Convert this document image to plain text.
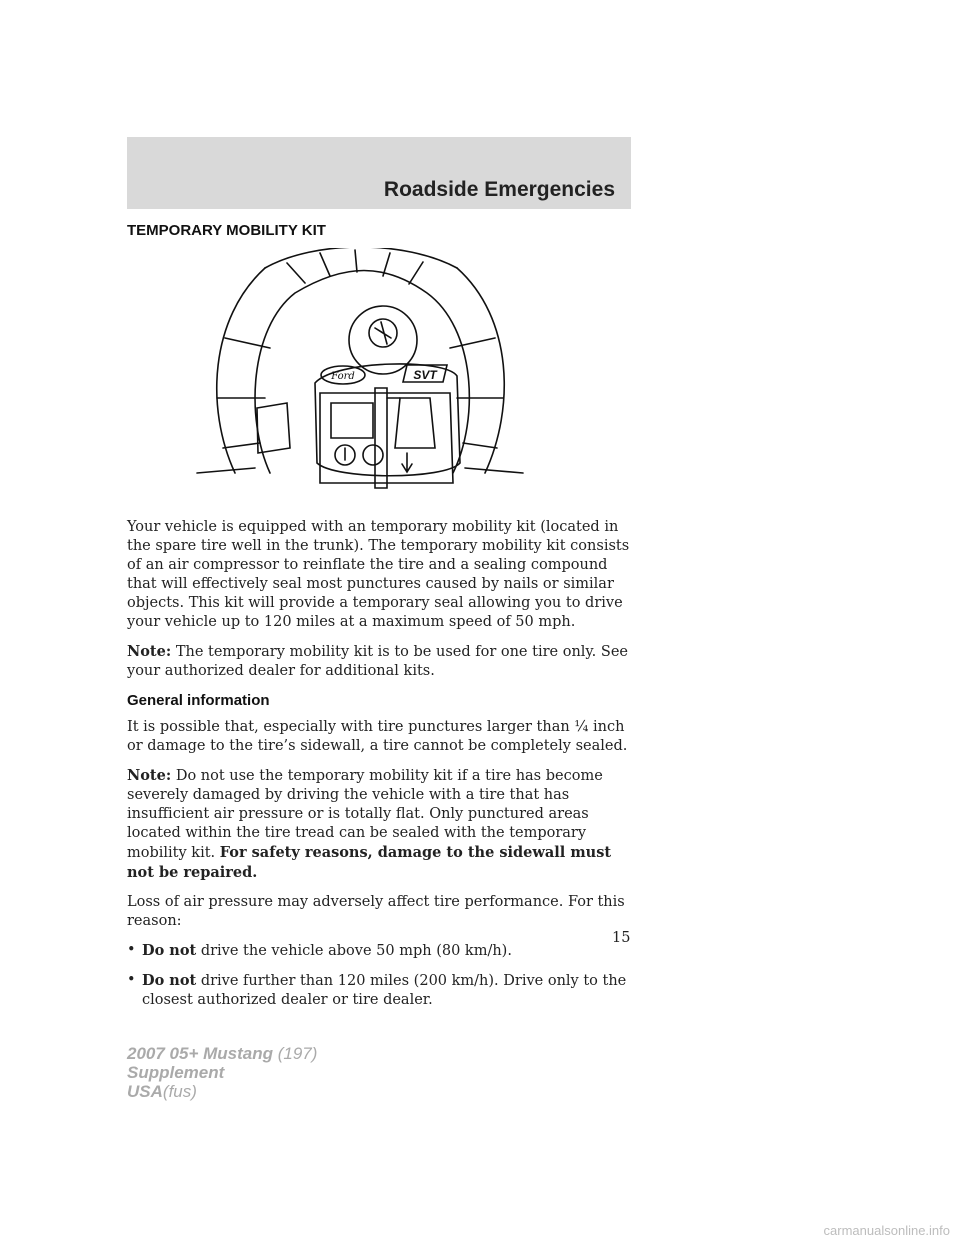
Roadside Emergencies
TEMPORARY MOBILITY KIT
Ford	SVT

Your vehicle is equipped with an temporary mobility kit (located in the spare tire well in the trunk). The temporary mobility kit consists of an air compressor to reinflate the tire and a sealing compound that will effectively seal most punctures caused by nails or similar objects. This kit will provide a temporary seal allowing you to drive your vehicle up to 120 miles at a maximum speed of 50 mph.

Note: The temporary mobility kit is to be used for one tire only. See your authorized dealer for additional kits.

General information

It is possible that, especially with tire punctures larger than ¼ inch or damage to the tire’s sidewall, a tire cannot be completely sealed.

Note: Do not use the temporary mobility kit if a tire has become severely damaged by driving the vehicle with a tire that has insufficient air pressure or is totally flat. Only punctured areas located within the tire tread can be sealed with the temporary mobility kit. For safety reasons, damage to the sidewall must not be repaired.

Loss of air pressure may adversely affect tire performance. For this reason:

• Do not drive the vehicle above 50 mph (80 km/h).
• Do not drive further than 120 miles (200 km/h). Drive only to the closest authorized dealer or tire dealer.
15
2007 05+ Mustang (197)
Supplement
USA(fus)
carmanualsonline.info
